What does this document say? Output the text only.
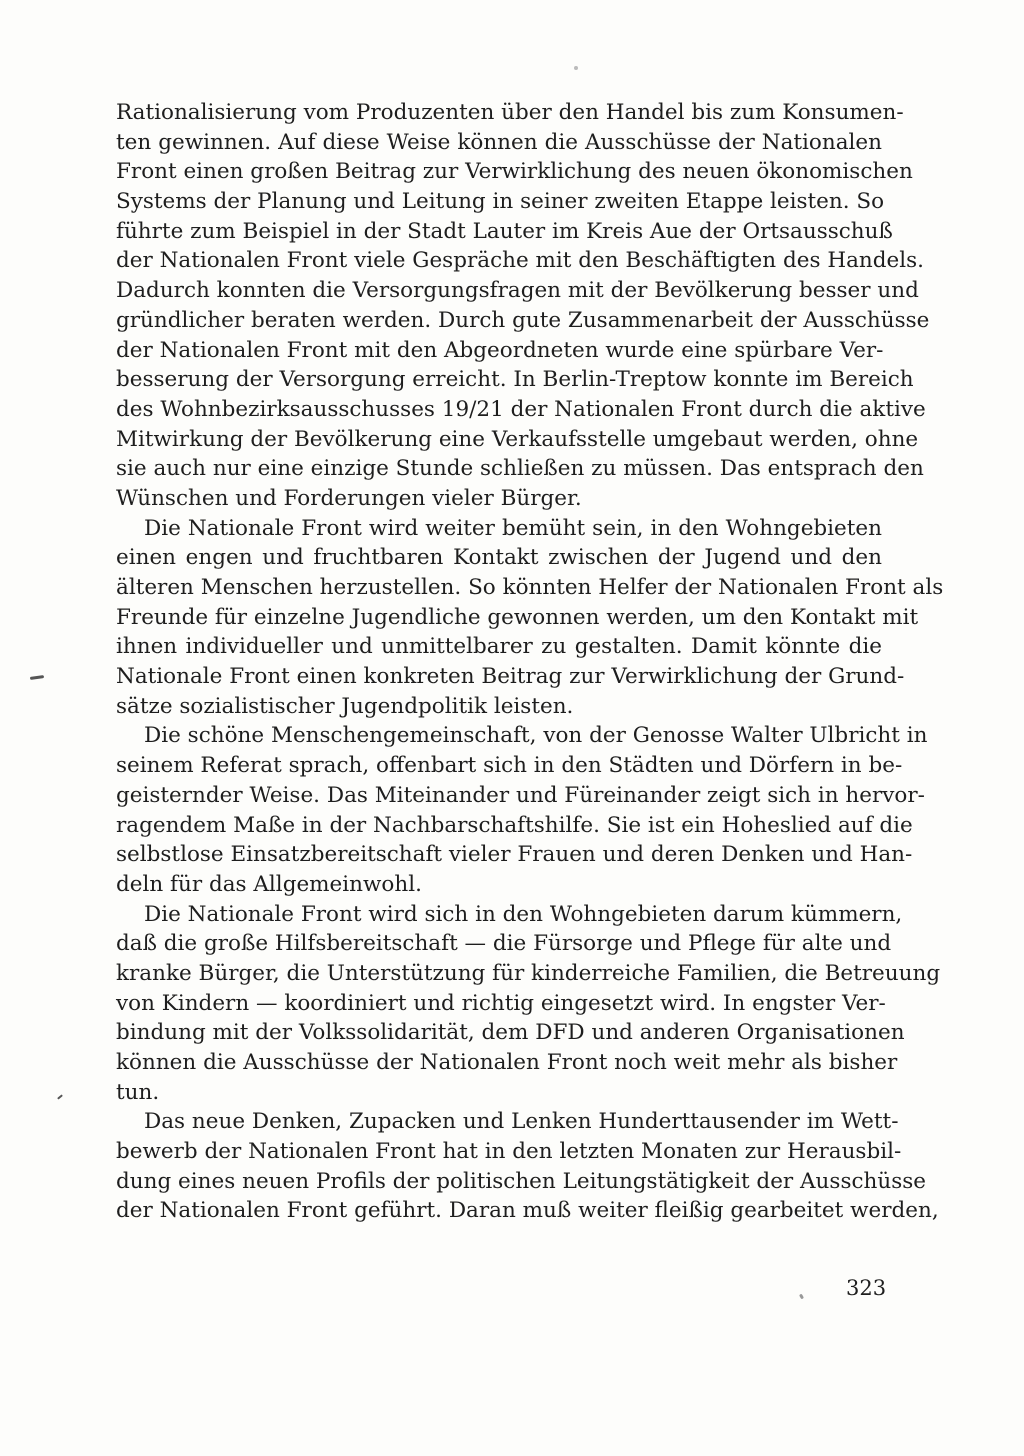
Rationalisierung vom Produzenten über den Handel bis zum Konsumen-
ten gewinnen. Auf diese Weise können die Ausschüsse der Nationalen
Front einen großen Beitrag zur Verwirklichung des neuen ökonomischen
Systems der Planung und Leitung in seiner zweiten Etappe leisten. So
führte zum Beispiel in der Stadt Lauter im Kreis Aue der Ortsausschuß
der Nationalen Front viele Gespräche mit den Beschäftigten des Handels.
Dadurch konnten die Versorgungsfragen mit der Bevölkerung besser und
gründlicher beraten werden. Durch gute Zusammenarbeit der Ausschüsse
der Nationalen Front mit den Abgeordneten wurde eine spürbare Ver-
besserung der Versorgung erreicht. In Berlin-Treptow konnte im Bereich
des Wohnbezirksausschusses 19/21 der Nationalen Front durch die aktive
Mitwirkung der Bevölkerung eine Verkaufsstelle umgebaut werden, ohne
sie auch nur eine einzige Stunde schließen zu müssen. Das entsprach den
Wünschen und Forderungen vieler Bürger.
Die Nationale Front wird weiter bemüht sein, in den Wohngebieten
einen engen und fruchtbaren Kontakt zwischen der Jugend und den
älteren Menschen herzustellen. So könnten Helfer der Nationalen Front als
Freunde für einzelne Jugendliche gewonnen werden, um den Kontakt mit
ihnen individueller und unmittelbarer zu gestalten. Damit könnte die
Nationale Front einen konkreten Beitrag zur Verwirklichung der Grund-
sätze sozialistischer Jugendpolitik leisten.
Die schöne Menschengemeinschaft, von der Genosse Walter Ulbricht in
seinem Referat sprach, offenbart sich in den Städten und Dörfern in be-
geisternder Weise. Das Miteinander und Füreinander zeigt sich in hervor-
ragendem Maße in der Nachbarschaftshilfe. Sie ist ein Hoheslied auf die
selbstlose Einsatzbereitschaft vieler Frauen und deren Denken und Han-
deln für das Allgemeinwohl.
Die Nationale Front wird sich in den Wohngebieten darum kümmern,
daß die große Hilfsbereitschaft — die Fürsorge und Pflege für alte und
kranke Bürger, die Unterstützung für kinderreiche Familien, die Betreuung
von Kindern — koordiniert und richtig eingesetzt wird. In engster Ver-
bindung mit der Volkssolidarität, dem DFD und anderen Organisationen
können die Ausschüsse der Nationalen Front noch weit mehr als bisher
tun.
Das neue Denken, Zupacken und Lenken Hunderttausender im Wett-
bewerb der Nationalen Front hat in den letzten Monaten zur Herausbil-
dung eines neuen Profils der politischen Leitungstätigkeit der Ausschüsse
der Nationalen Front geführt. Daran muß weiter fleißig gearbeitet werden,
323
